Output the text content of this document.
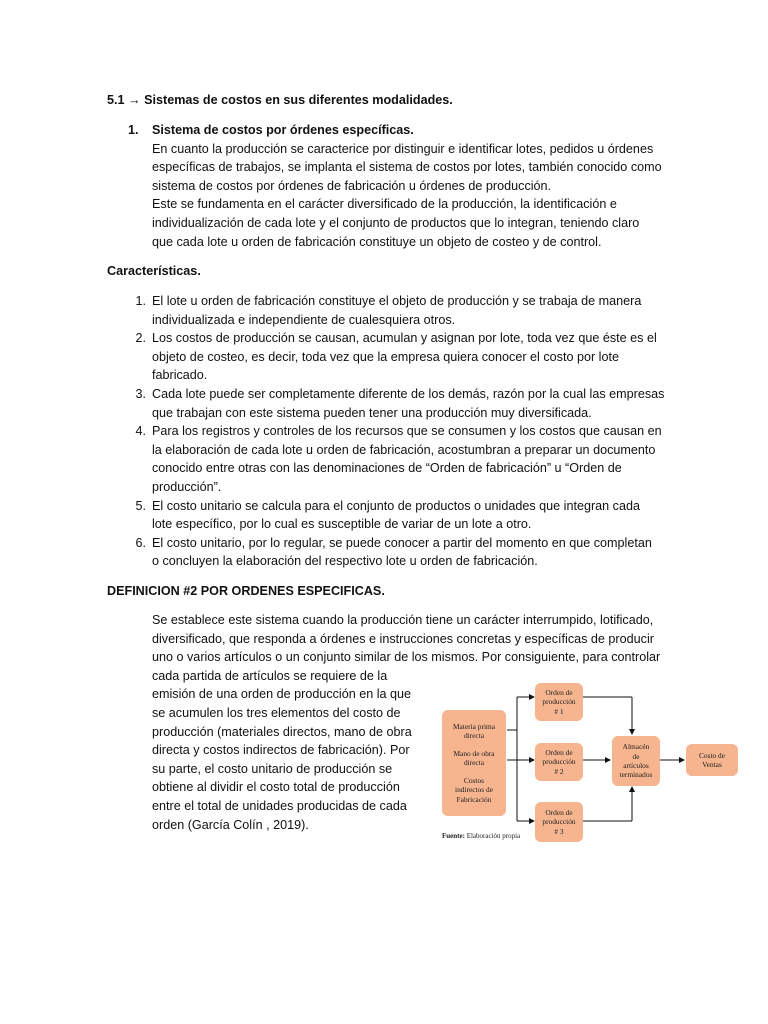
5.1 → Sistemas de costos en sus diferentes modalidades.
1. Sistema de costos por órdenes específicas.
En cuanto la producción se caracterice por distinguir e identificar lotes, pedidos u órdenes
específicas de trabajos, se implanta el sistema de costos por lotes, también conocido como
sistema de costos por órdenes de fabricación u órdenes de producción.
Este se fundamenta en el carácter diversificado de la producción, la identificación e
individualización de cada lote y el conjunto de productos que lo integran, teniendo claro
que cada lote u orden de fabricación constituye un objeto de costeo y de control.
Características.
1. El lote u orden de fabricación constituye el objeto de producción y se trabaja de manera
individualizada e independiente de cualesquiera otros.
2. Los costos de producción se causan, acumulan y asignan por lote, toda vez que éste es el
objeto de costeo, es decir, toda vez que la empresa quiera conocer el costo por lote
fabricado.
3. Cada lote puede ser completamente diferente de los demás, razón por la cual las empresas
que trabajan con este sistema pueden tener una producción muy diversificada.
4. Para los registros y controles de los recursos que se consumen y los costos que causan en
la elaboración de cada lote u orden de fabricación, acostumbran a preparar un documento
conocido entre otras con las denominaciones de “Orden de fabricación” u “Orden de
producción”.
5. El costo unitario se calcula para el conjunto de productos o unidades que integran cada
lote específico, por lo cual es susceptible de variar de un lote a otro.
6. El costo unitario, por lo regular, se puede conocer a partir del momento en que completan
o concluyen la elaboración del respectivo lote u orden de fabricación.
DEFINICION #2 POR ORDENES ESPECIFICAS.
Se establece este sistema cuando la producción tiene un carácter interrumpido, lotificado,
diversificado, que responda a órdenes e instrucciones concretas y específicas de producir
uno o varios artículos o un conjunto similar de los mismos. Por consiguiente, para controlar
cada partida de artículos se requiere de la
emisión de una orden de producción en la que
se acumulen los tres elementos del costo de
producción (materiales directos, mano de obra
directa y costos indirectos de fabricación). Por
su parte, el costo unitario de producción se
obtiene al dividir el costo total de producción
entre el total de unidades producidas de cada
orden (García Colín , 2019).
Materia prima
directa
Mano de obra
directa
Costos
indirectos de
Fabricación
Orden de
producción
# 1
Orden de
producción
# 2
Orden de
producción
# 3
Almacén
de
artículos
terminados
Costo de
Ventas
Fuente: Elaboración propia
